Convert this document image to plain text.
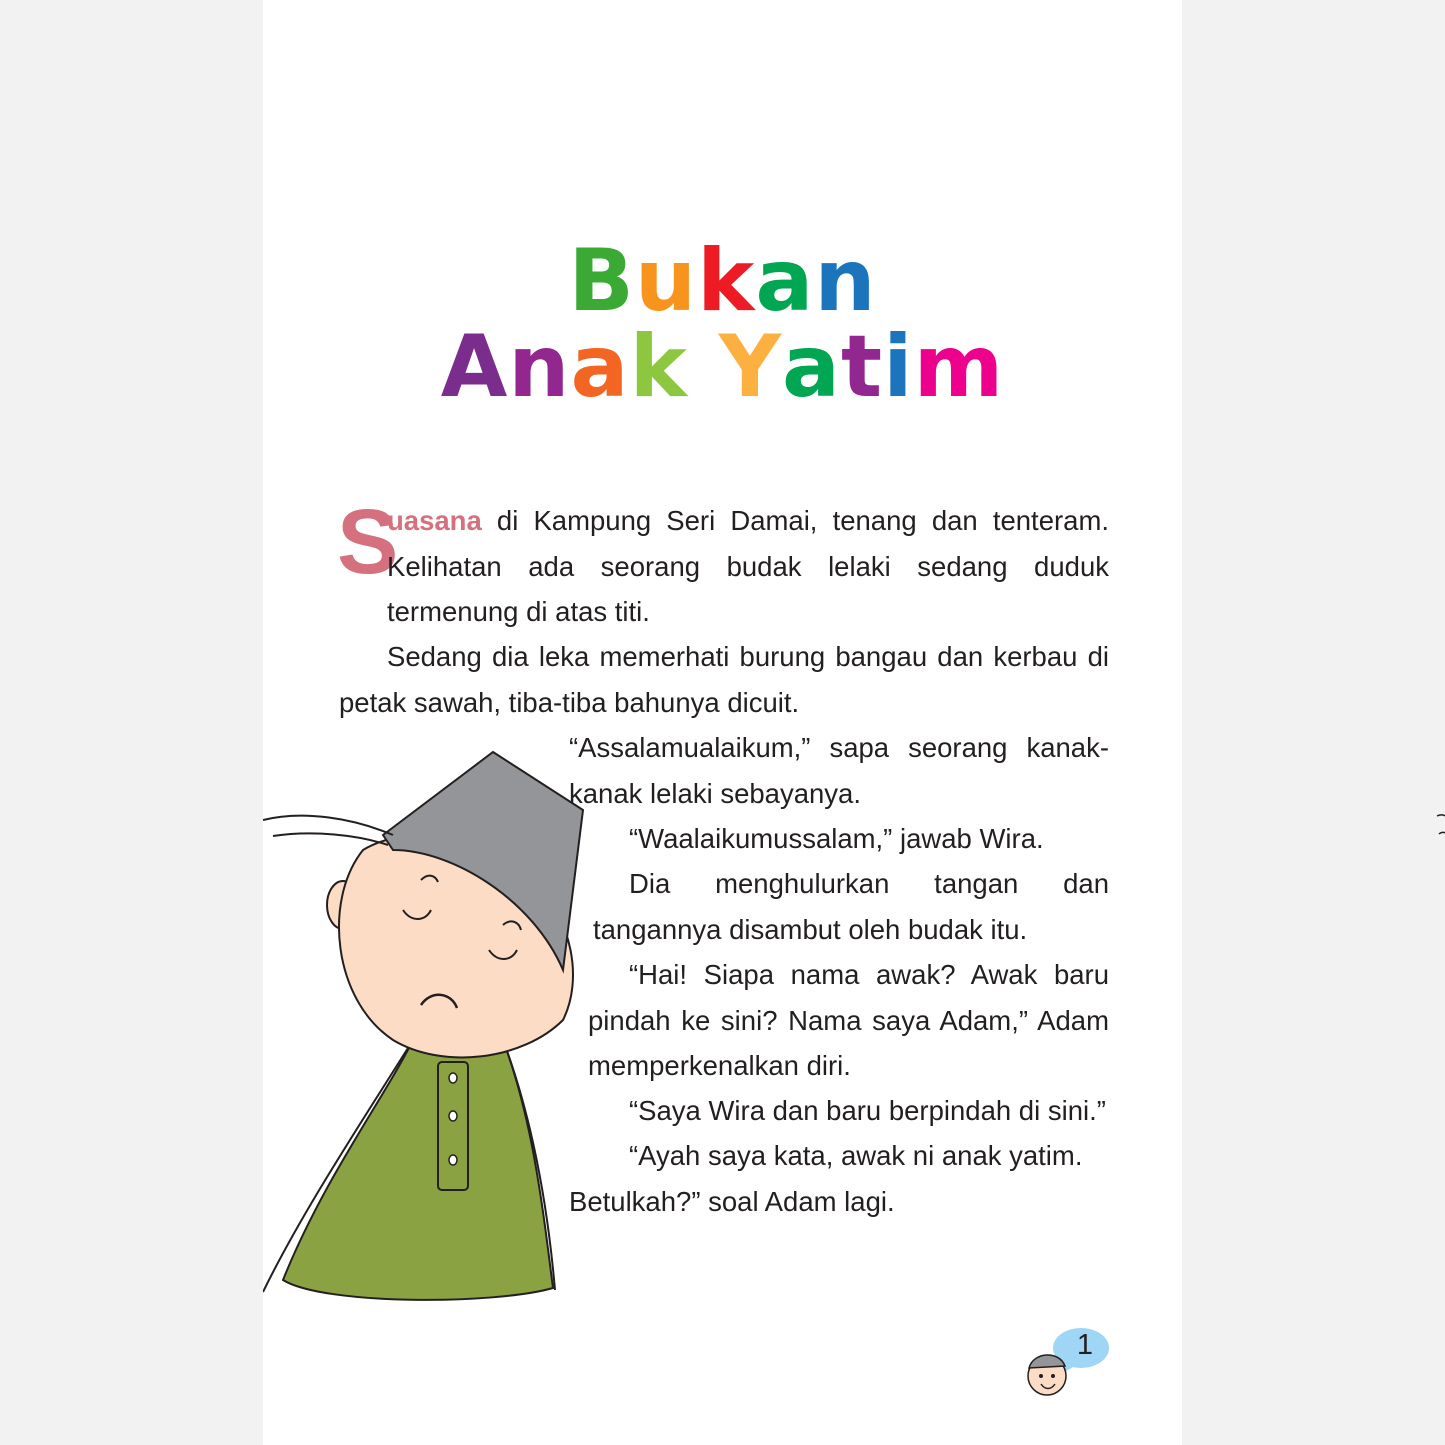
Bukan
Anak Yatim
S

uasana di Kampung Seri Damai, tenang dan tenteram. Kelihatan ada seorang budak lelaki sedang duduk termenung di atas titi.

Sedang dia leka memerhati burung bangau dan kerbau di petak sawah, tiba-tiba bahunya dicuit.

“Assalamualaikum,” sapa seorang kanak-kanak lelaki sebayanya.

“Waalaikumussalam,” jawab Wira.

Dia menghulurkan tangan dan tangannya disambut oleh budak itu.

“Hai! Siapa nama awak? Awak baru pindah ke sini? Nama saya Adam,” Adam memperkenalkan diri.

“Saya Wira dan baru berpindah di sini.”

“Ayah saya kata, awak ni anak yatim.

Betulkah?” soal Adam lagi.

1
